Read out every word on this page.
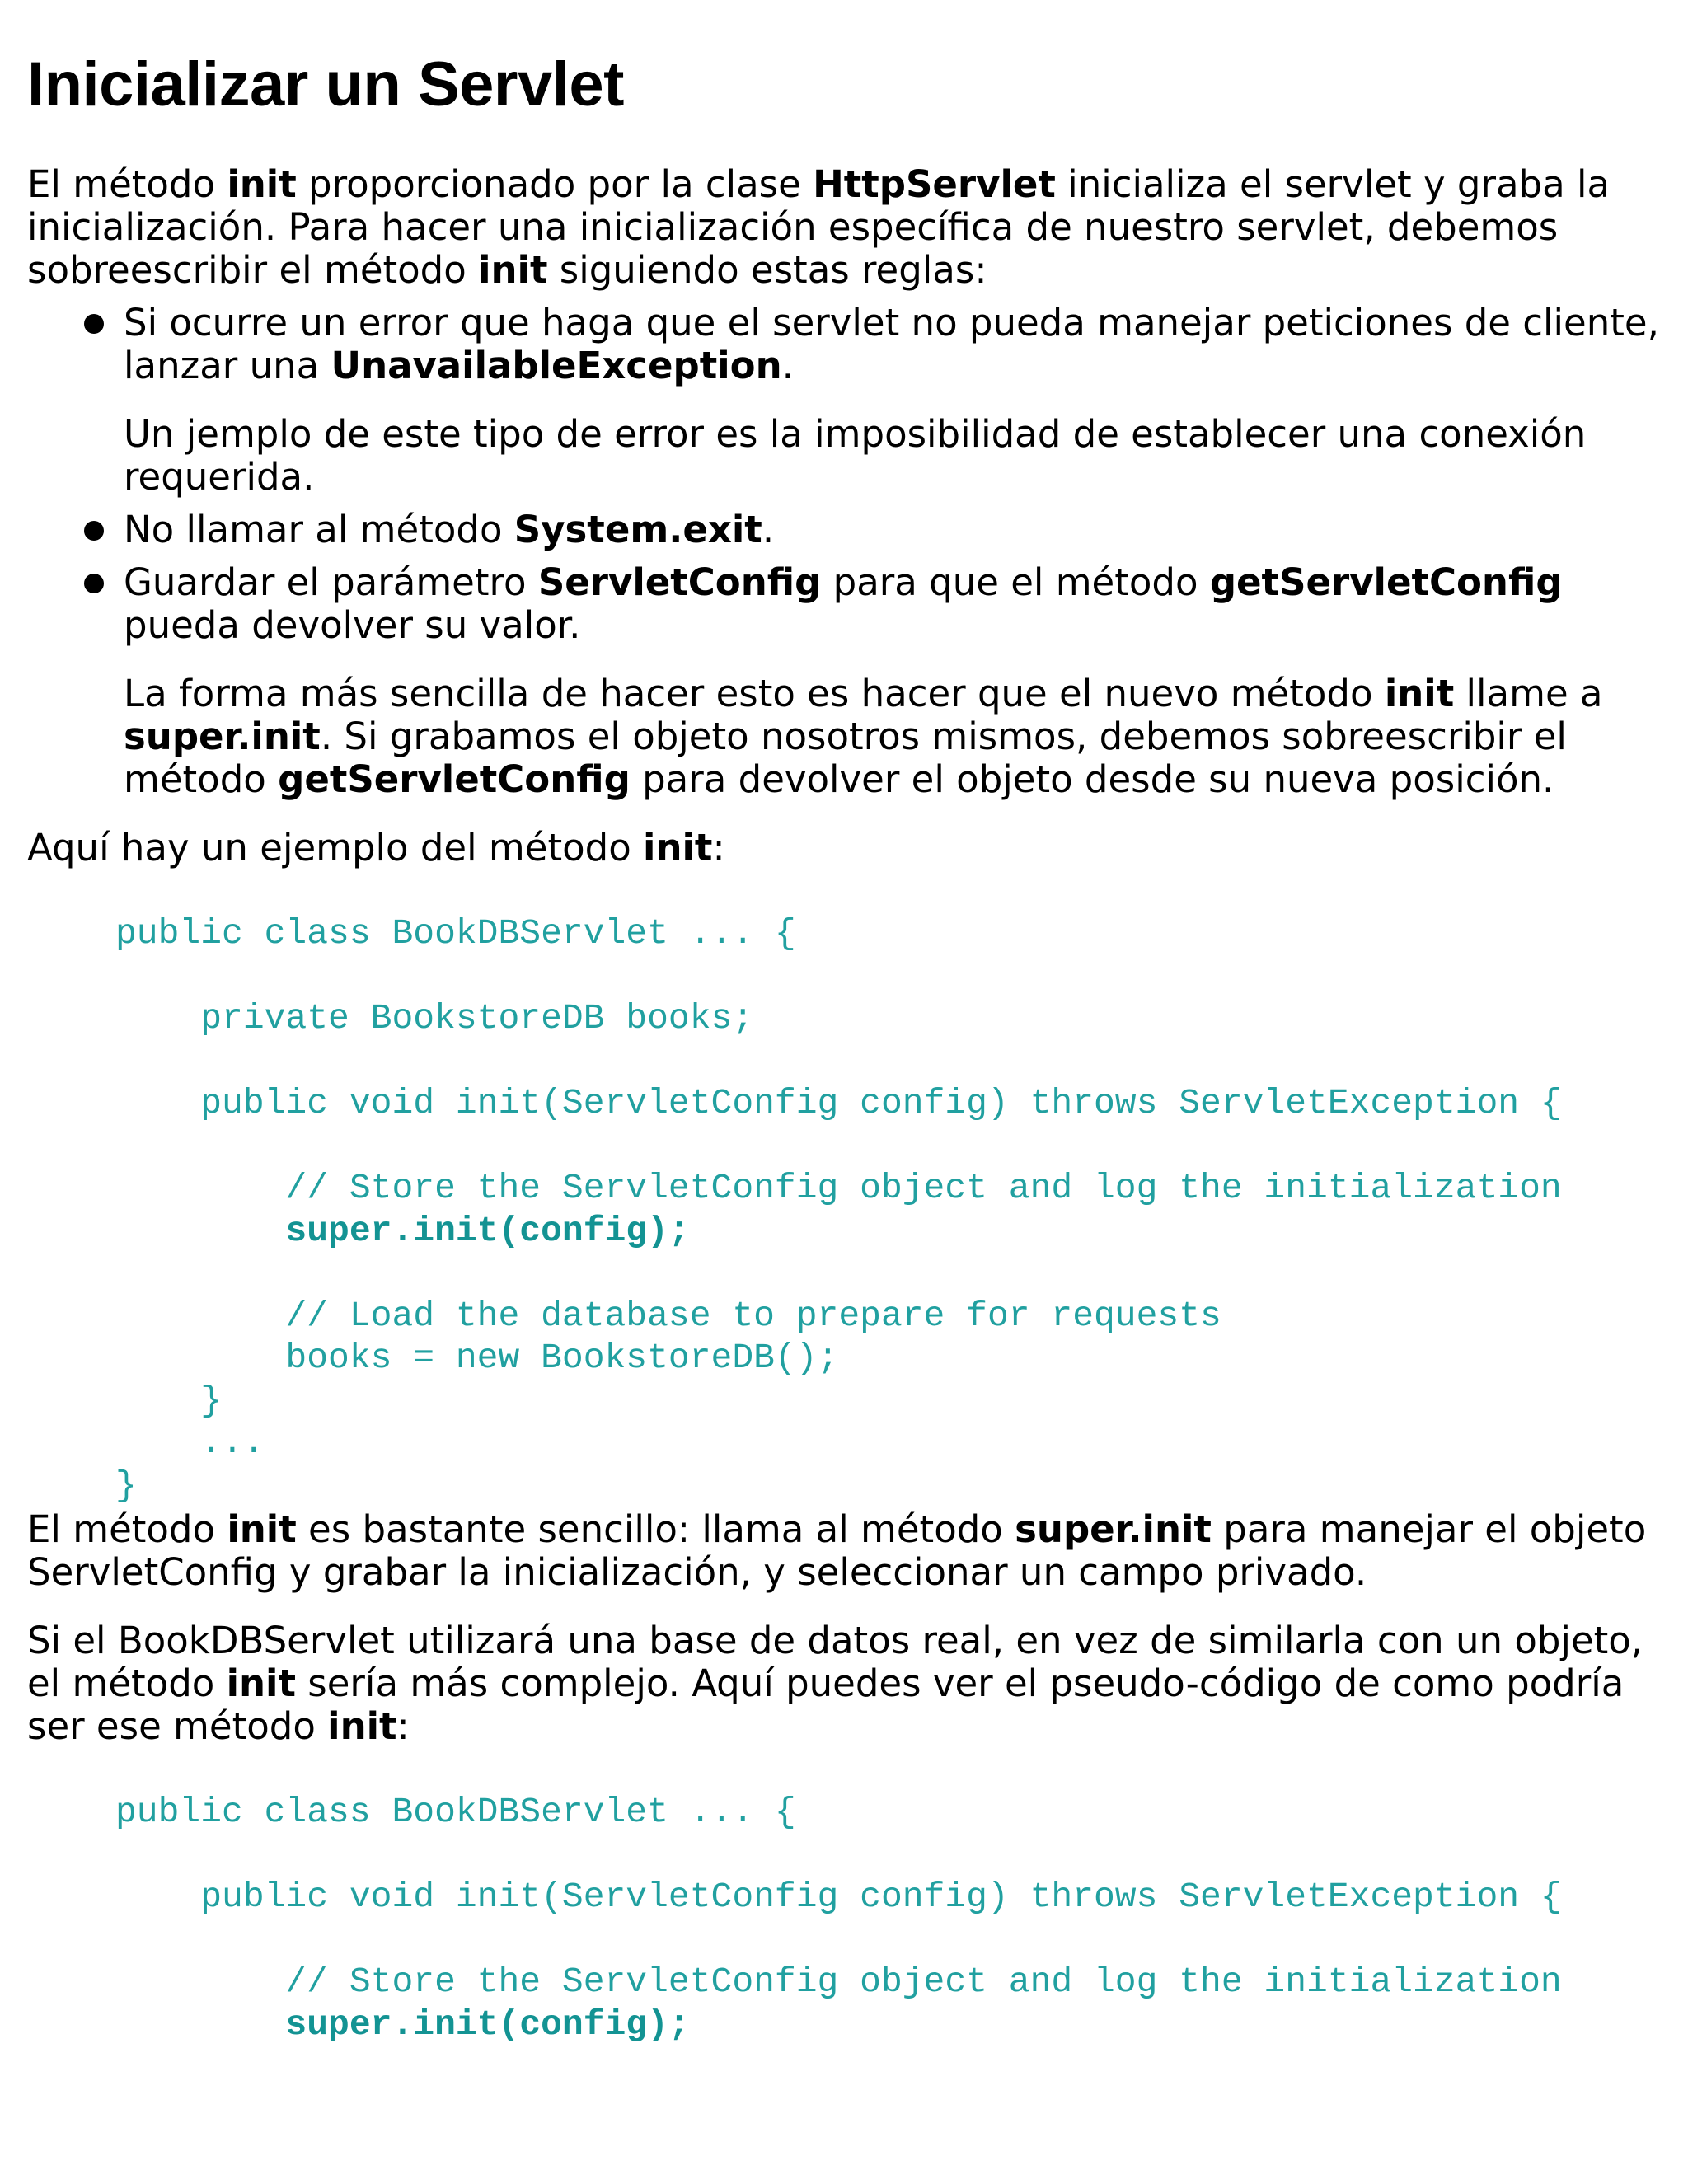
Inicializar un Servlet

El método init proporcionado por la clase HttpServlet inicializa el servlet y graba la inicialización. Para hacer una inicialización específica de nuestro servlet, debemos sobreescribir el método init siguiendo estas reglas:

Si ocurre un error que haga que el servlet no pueda manejar peticiones de cliente, lanzar una UnavailableException.
Un jemplo de este tipo de error es la imposibilidad de establecer una conexión requerida.
No llamar al método System.exit.
Guardar el parámetro ServletConfig para que el método getServletConfig pueda devolver su valor.
La forma más sencilla de hacer esto es hacer que el nuevo método init llame a super.init. Si grabamos el objeto nosotros mismos, debemos sobreescribir el método getServletConfig para devolver el objeto desde su nueva posición.

Aquí hay un ejemplo del método init:

public class BookDBServlet ... {

private BookstoreDB books;

public void init(ServletConfig config) throws ServletException {

// Store the ServletConfig object and log the initialization
super.init(config);

// Load the database to prepare for requests
books = new BookstoreDB();
}
...
}

El método init es bastante sencillo: llama al método super.init para manejar el objeto ServletConfig y grabar la inicialización, y seleccionar un campo privado.

Si el BookDBServlet utilizará una base de datos real, en vez de similarla con un objeto, el método init sería más complejo. Aquí puedes ver el pseudo-código de como podría ser ese método init:

public class BookDBServlet ... {

public void init(ServletConfig config) throws ServletException {

// Store the ServletConfig object and log the initialization
super.init(config);
